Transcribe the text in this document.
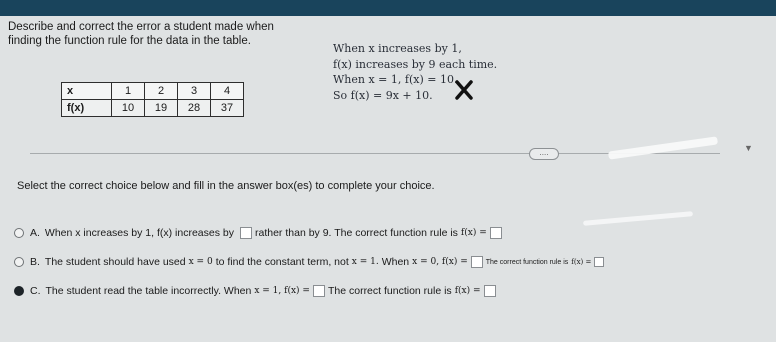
Describe and correct the error a student made when
finding the function rule for the data in the table.
x	1	2	3	4
f(x)	10	19	28	37
When x increases by 1,
f(x) increases by 9 each time.
When x = 1, f(x) = 10.
So f(x) = 9x + 10.
....	▼
Select the correct choice below and fill in the answer box(es) to complete your choice.
A. When x increases by 1, f(x) increases by rather than by 9. The correct function rule is f(x) =
B. The student should have used x = 0 to find the constant term, not x = 1. When x = 0, f(x) =	The correct function rule is f(x) =
C. The student read the table incorrectly. When x = 1, f(x) = The correct function rule is f(x) =
